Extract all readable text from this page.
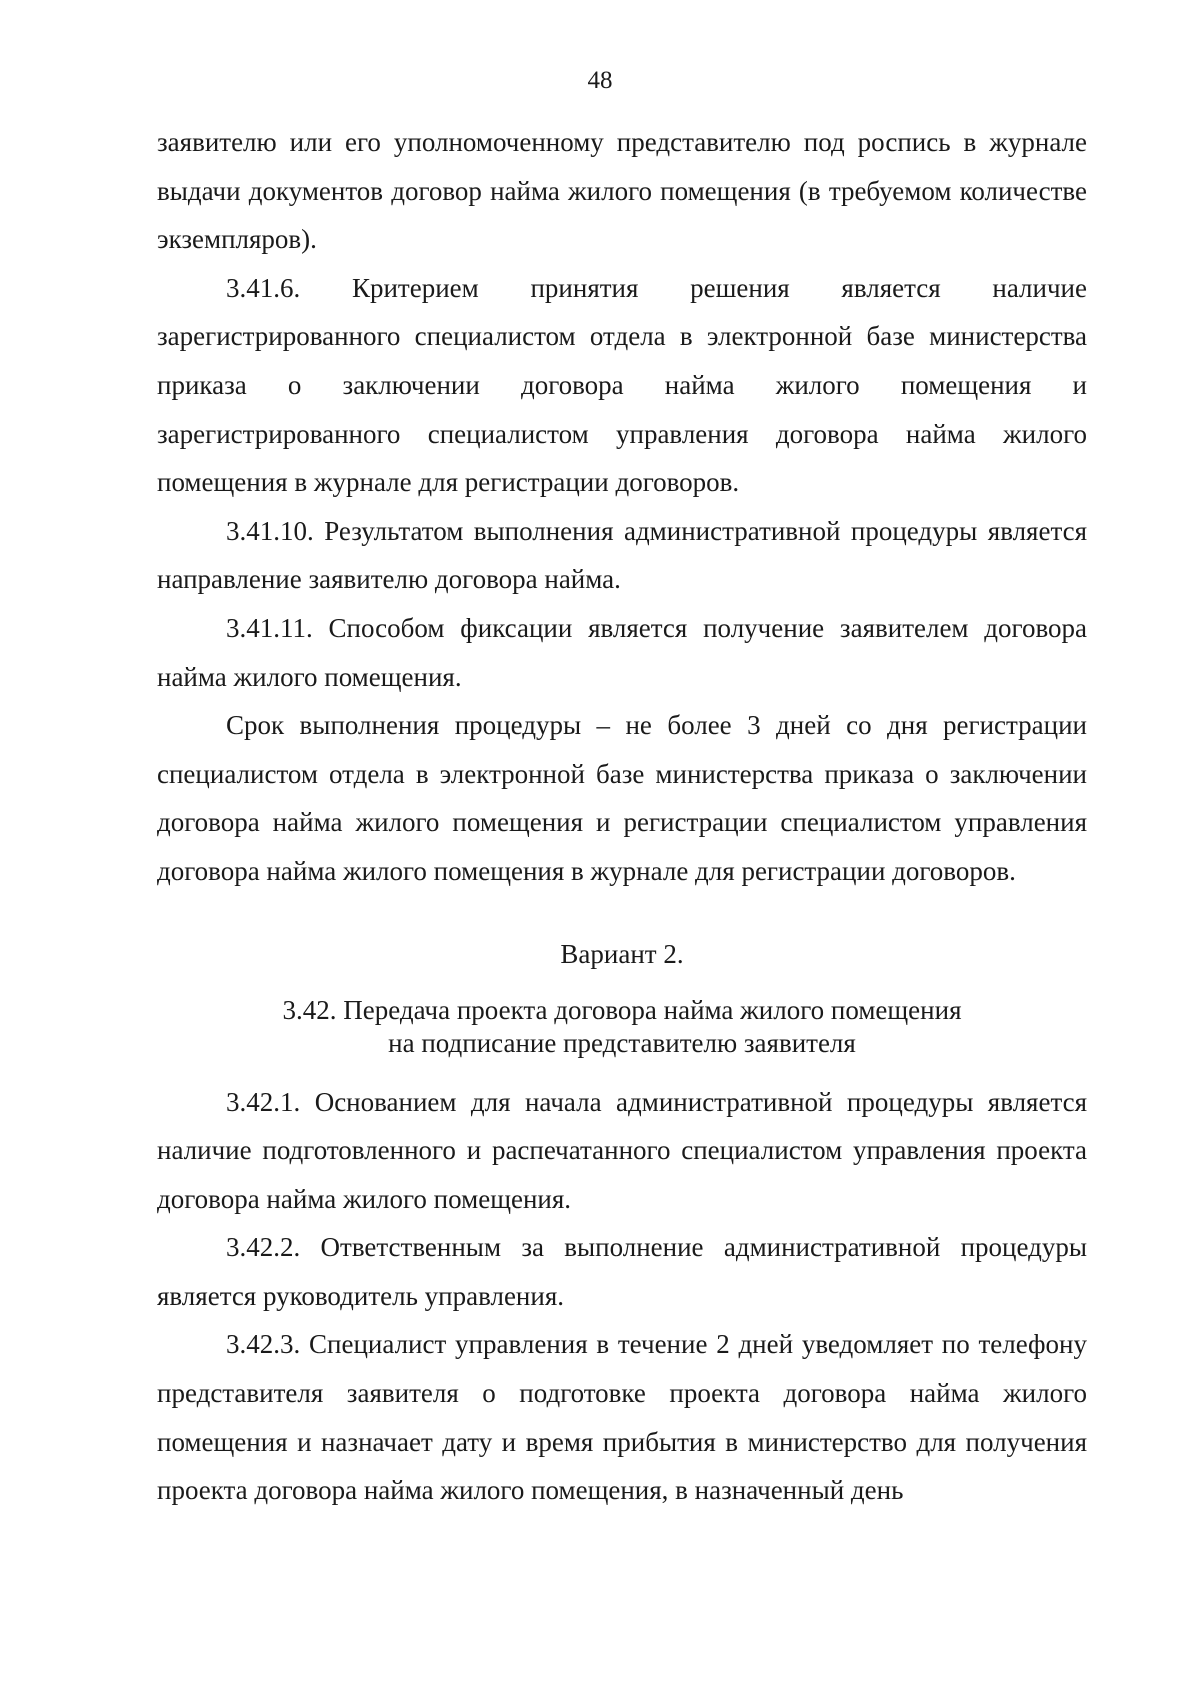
48

заявителю или его уполномоченному представителю под роспись в журнале выдачи документов договор найма жилого помещения (в требуемом количестве экземпляров).

3.41.6. Критерием принятия решения является наличие зарегистрированного специалистом отдела в электронной базе министерства приказа о заключении договора найма жилого помещения и зарегистрированного специалистом управления договора найма жилого помещения в журнале для регистрации договоров.

3.41.10. Результатом выполнения административной процедуры является направление заявителю договора найма.

3.41.11. Способом фиксации является получение заявителем договора найма жилого помещения.

Срок выполнения процедуры – не более 3 дней со дня регистрации специалистом отдела в электронной базе министерства приказа о заключении договора найма жилого помещения и регистрации специалистом управления договора найма жилого помещения в журнале для регистрации договоров.

Вариант 2.
3.42. Передача проекта договора найма жилого помещения
на подписание представителю заявителя

3.42.1. Основанием для начала административной процедуры является наличие подготовленного и распечатанного специалистом управления проекта договора найма жилого помещения.

3.42.2. Ответственным за выполнение административной процедуры является руководитель управления.

3.42.3. Специалист управления в течение 2 дней уведомляет по телефону представителя заявителя о подготовке проекта договора найма жилого помещения и назначает дату и время прибытия в министерство для получения проекта договора найма жилого помещения, в назначенный день
